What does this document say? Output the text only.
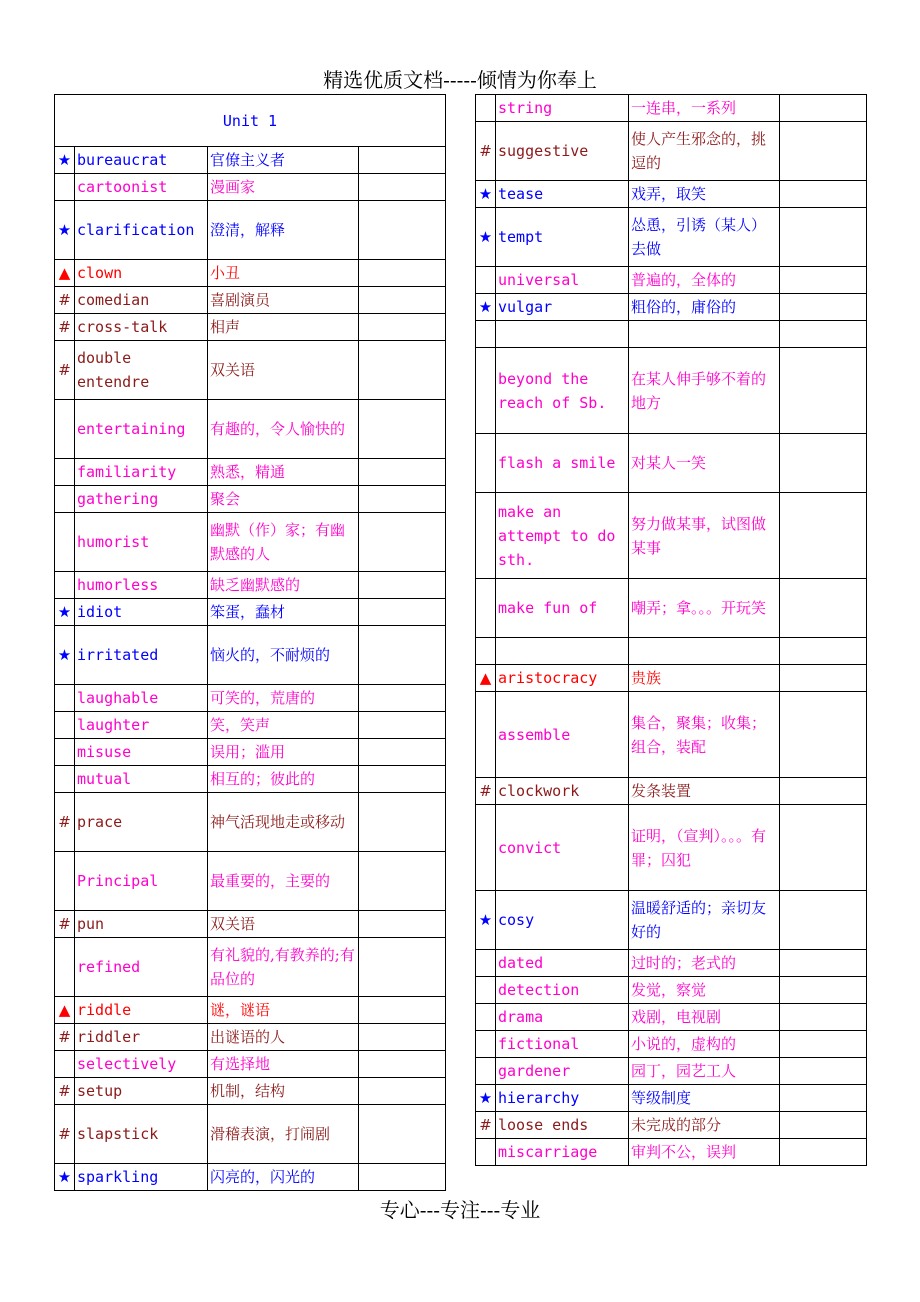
精选优质文档-----倾情为你奉上
Unit 1			
★	bureaucrat	官僚主义者	
	cartoonist	漫画家	
★	clarification	澄清，解释	
▲	clown	小丑	
#	comedian	喜剧演员	
#	cross-talk	相声	
#	double entendre	双关语	
	entertaining	有趣的，令人愉快的	
	familiarity	熟悉，精通	
	gathering	聚会	
	humorist	幽默（作）家；有幽默感的人	
	humorless	缺乏幽默感的	
★	idiot	笨蛋，蠢材	
★	irritated	恼火的，不耐烦的	
	laughable	可笑的，荒唐的	
	laughter	笑，笑声	
	misuse	误用；滥用	
	mutual	相互的；彼此的	
#	prace	神气活现地走或移动	
	Principal	最重要的，主要的	
#	pun	双关语	
	refined	有礼貌的,有教养的;有品位的	
▲	riddle	谜，谜语	
#	riddler	出谜语的人	
	selectively	有选择地	
#	setup	机制，结构	
#	slapstick	滑稽表演，打闹剧	
★	sparkling	闪亮的，闪光的	
	string	一连串，一系列	
#	suggestive	使人产生邪念的，挑逗的	
★	tease	戏弄，取笑	
★	tempt	怂恿，引诱（某人）去做	
	universal	普遍的，全体的	
★	vulgar	粗俗的，庸俗的	

	beyond the reach of Sb.	在某人伸手够不着的地方	
	flash a smile	对某人一笑	
	make an attempt to do sth.	努力做某事，试图做某事	
	make fun of	嘲弄；拿。。。开玩笑	

▲	aristocracy	贵族	
	assemble	集合，聚集；收集；组合，装配	
#	clockwork	发条装置	
	convict	证明，（宣判）。。。有罪；囚犯	
★	cosy	温暖舒适的；亲切友好的	
	dated	过时的；老式的	
	detection	发觉，察觉	
	drama	戏剧，电视剧	
	fictional	小说的，虚构的	
	gardener	园丁，园艺工人	
★	hierarchy	等级制度	
#	loose ends	未完成的部分	
	miscarriage	审判不公，误判	
专心---专注---专业
